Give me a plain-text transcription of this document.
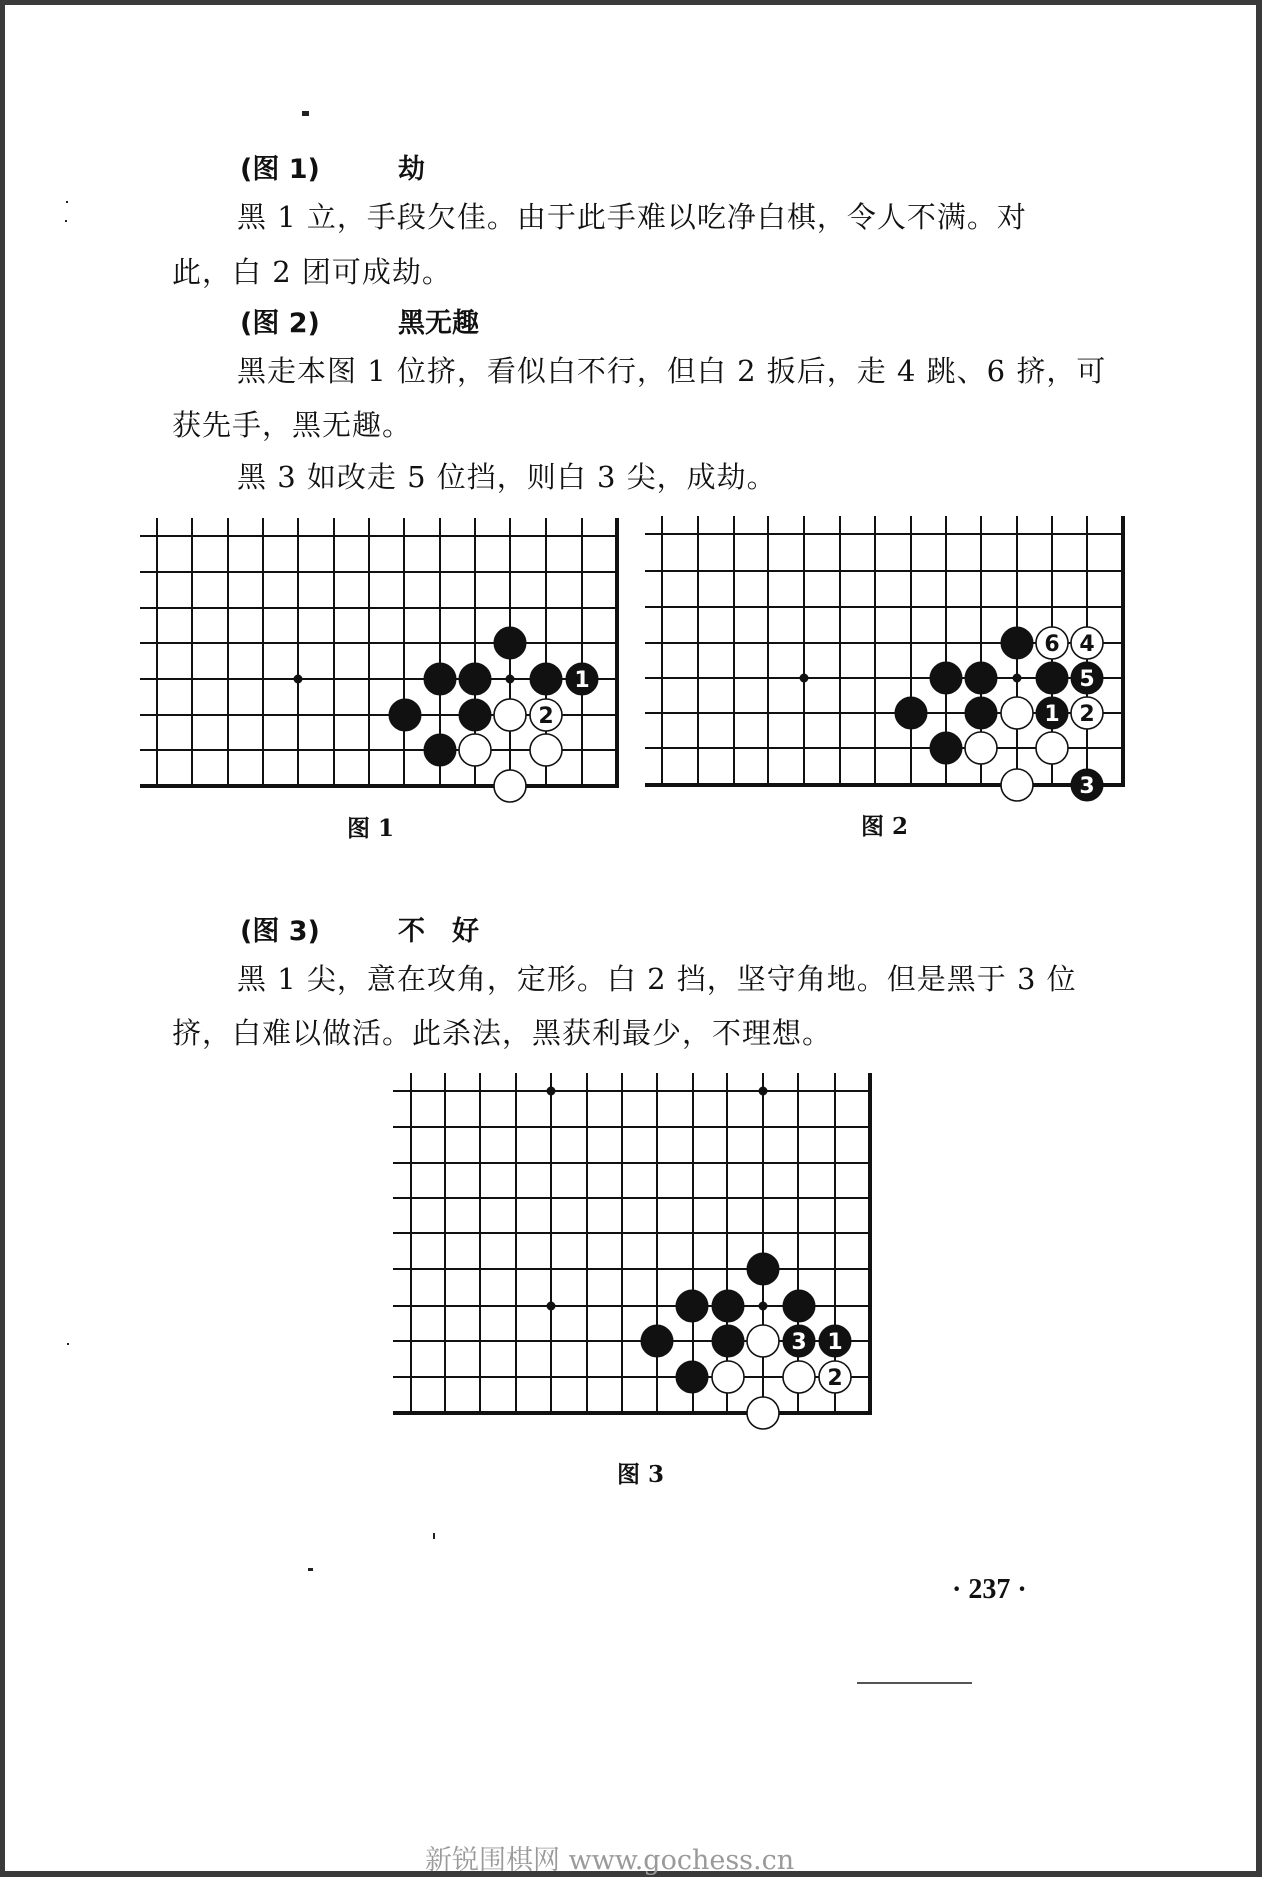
(图 1)	劫
黑 1 立，手段欠佳。由于此手难以吃净白棋，令人不满。对
此，白 2 团可成劫。
(图 2)	黑无趣
黑走本图 1 位挤，看似白不行，但白 2 扳后，走 4 跳、6 挤，可
获先手，黑无趣。
黑 3 如改走 5 位挡，则白 3 尖，成劫。
1
2
6 4
5
1 2
3
3 1
2
图 1	图 2
(图 3)	不　好
黑 1 尖，意在攻角，定形。白 2 挡，坚守角地。但是黑于 3 位
挤，白难以做活。此杀法，黑获利最少，不理想。
图 3
· 237 ·
新锐围棋网 www.gochess.cn
